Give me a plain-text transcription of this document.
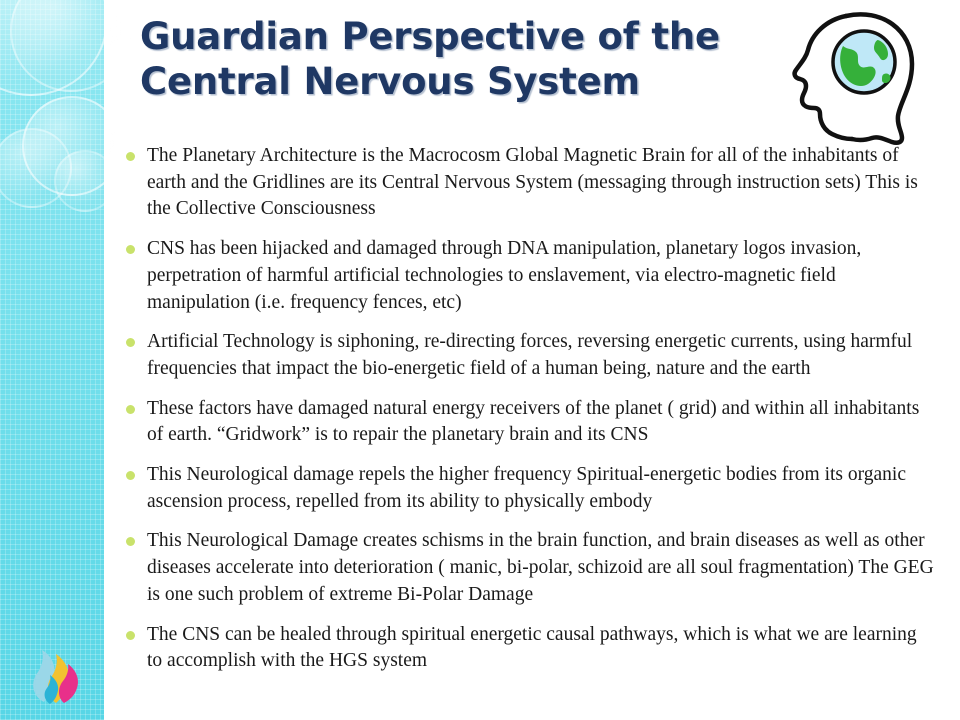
Guardian Perspective of the
Central Nervous System
The Planetary Architecture is the Macrocosm Global Magnetic Brain for all of the inhabitants of earth and the Gridlines are its Central Nervous System (messaging through instruction sets) This is the Collective Consciousness
CNS has been hijacked and damaged through DNA manipulation, planetary logos invasion, perpetration of harmful artificial technologies to enslavement, via electro-magnetic field manipulation (i.e. frequency fences, etc)
Artificial Technology is siphoning, re-directing forces, reversing energetic currents, using harmful frequencies that impact the bio-energetic field of a human being, nature and the earth
These factors have damaged natural energy receivers of the planet ( grid) and within all inhabitants of earth. “Gridwork” is to repair the planetary brain and its CNS
This Neurological damage repels the higher frequency Spiritual-energetic bodies from its organic ascension process, repelled from its ability to physically embody
This Neurological Damage creates schisms in the brain function, and brain diseases as well as other diseases accelerate into deterioration ( manic, bi-polar, schizoid are all soul fragmentation) The GEG is one such problem of extreme Bi-Polar Damage
The CNS can be healed through spiritual energetic causal pathways, which is what we are learning to accomplish with the HGS system
